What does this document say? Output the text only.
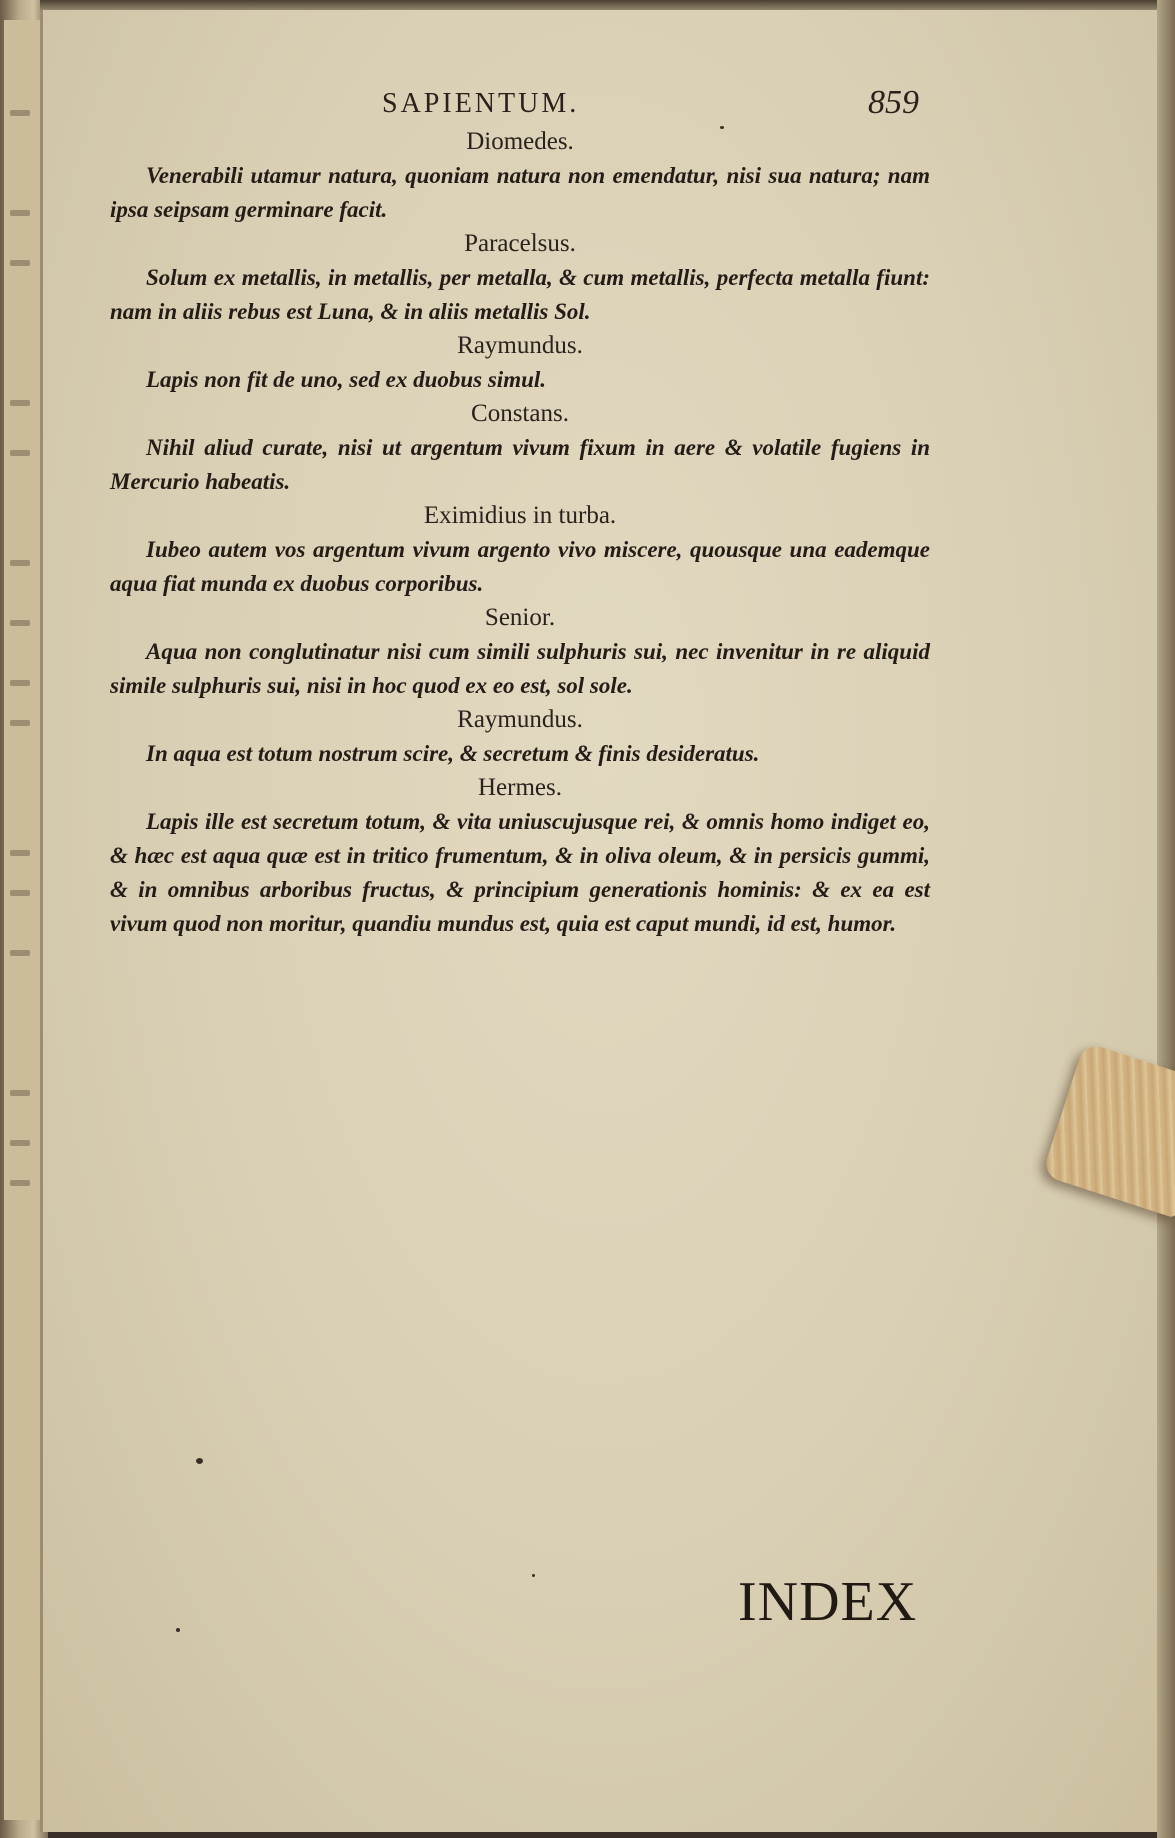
SAPIENTUM.	859
Diomedes.

Venerabili utamur natura, quoniam natura non emendatur, nisi sua natura; nam ipsa seipsam germinare facit.

Paracelsus.

Solum ex metallis, in metallis, per metalla, & cum metallis, perfecta metalla fiunt: nam in aliis rebus est Luna, & in aliis metallis Sol.

Raymundus.

Lapis non fit de uno, sed ex duobus simul.

Constans.

Nihil aliud curate, nisi ut argentum vivum fixum in aere & volatile fugiens in Mercurio habeatis.

Eximidius in turba.

Iubeo autem vos argentum vivum argento vivo miscere, quousque una eademque aqua fiat munda ex duobus corporibus.

Senior.

Aqua non conglutinatur nisi cum simili sulphuris sui, nec invenitur in re aliquid simile sulphuris sui, nisi in hoc quod ex eo est, sol sole.

Raymundus.

In aqua est totum nostrum scire, & secretum & finis desideratus.

Hermes.

Lapis ille est secretum totum, & vita uniuscujusque rei, & omnis homo indiget eo, & hæc est aqua quæ est in tritico frumentum, & in oliva oleum, & in persicis gummi, & in omnibus arboribus fructus, & principium generationis hominis: & ex ea est vivum quod non moritur, quandiu mundus est, quia est caput mundi, id est, humor.

INDEX
